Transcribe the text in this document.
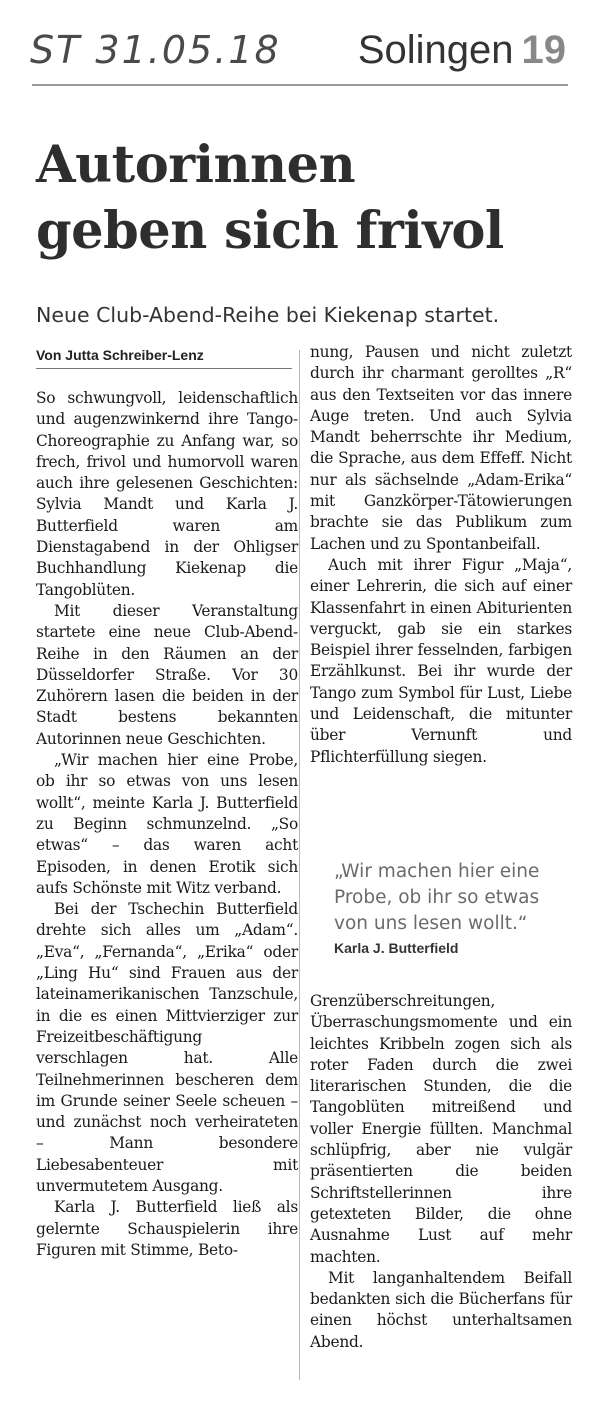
ST 31.05.18 Solingen 19
Autorinnen
geben sich frivol
Neue Club-Abend-Reihe bei Kiekenap startet.
Von Jutta Schreiber-Lenz

So schwungvoll, leidenschaftlich und augenzwinkernd ihre Tango-Choreographie zu Anfang war, so frech, frivol und humorvoll waren auch ihre gelesenen Geschichten: Sylvia Mandt und Karla J. Butterfield waren am Dienstagabend in der Ohligser Buchhandlung Kiekenap die Tangoblüten.

Mit dieser Veranstaltung startete eine neue Club-Abend-Reihe in den Räumen an der Düsseldorfer Straße. Vor 30 Zuhörern lasen die beiden in der Stadt bestens bekannten Autorinnen neue Geschichten.

„Wir machen hier eine Probe, ob ihr so etwas von uns lesen wollt“, meinte Karla J. Butterfield zu Beginn schmunzelnd. „So etwas“ – das waren acht Episoden, in denen Erotik sich aufs Schönste mit Witz verband.

Bei der Tschechin Butterfield drehte sich alles um „Adam“. „Eva“, „Fernanda“, „Erika“ oder „Ling Hu“ sind Frauen aus der lateinamerikanischen Tanzschule, in die es einen Mittvierziger zur Freizeitbeschäftigung verschlagen hat. Alle Teilnehmerinnen bescheren dem im Grunde seiner Seele scheuen – und zunächst noch verheirateten – Mann besondere Liebesabenteuer mit unvermutetem Ausgang.

Karla J. Butterfield ließ als gelernte Schauspielerin ihre Figuren mit Stimme, Beto-

nung, Pausen und nicht zuletzt durch ihr charmant gerolltes „R“ aus den Textseiten vor das innere Auge treten. Und auch Sylvia Mandt beherrschte ihr Medium, die Sprache, aus dem Effeff. Nicht nur als sächselnde „Adam-Erika“ mit Ganzkörper-Tätowierungen brachte sie das Publikum zum Lachen und zu Spontanbeifall.

Auch mit ihrer Figur „Maja“, einer Lehrerin, die sich auf einer Klassenfahrt in einen Abiturienten verguckt, gab sie ein starkes Beispiel ihrer fesselnden, farbigen Erzählkunst. Bei ihr wurde der Tango zum Symbol für Lust, Liebe und Leidenschaft, die mitunter über Vernunft und Pflichterfüllung siegen.

„Wir machen hier eine Probe, ob ihr so etwas von uns lesen wollt.“
Karla J. Butterfield

Grenzüberschreitungen, Überraschungsmomente und ein leichtes Kribbeln zogen sich als roter Faden durch die zwei literarischen Stunden, die die Tangoblüten mitreißend und voller Energie füllten. Manchmal schlüpfrig, aber nie vulgär präsentierten die beiden Schriftstellerinnen ihre getexteten Bilder, die ohne Ausnahme Lust auf mehr machten.

Mit langanhaltendem Beifall bedankten sich die Bücherfans für einen höchst unterhaltsamen Abend.
